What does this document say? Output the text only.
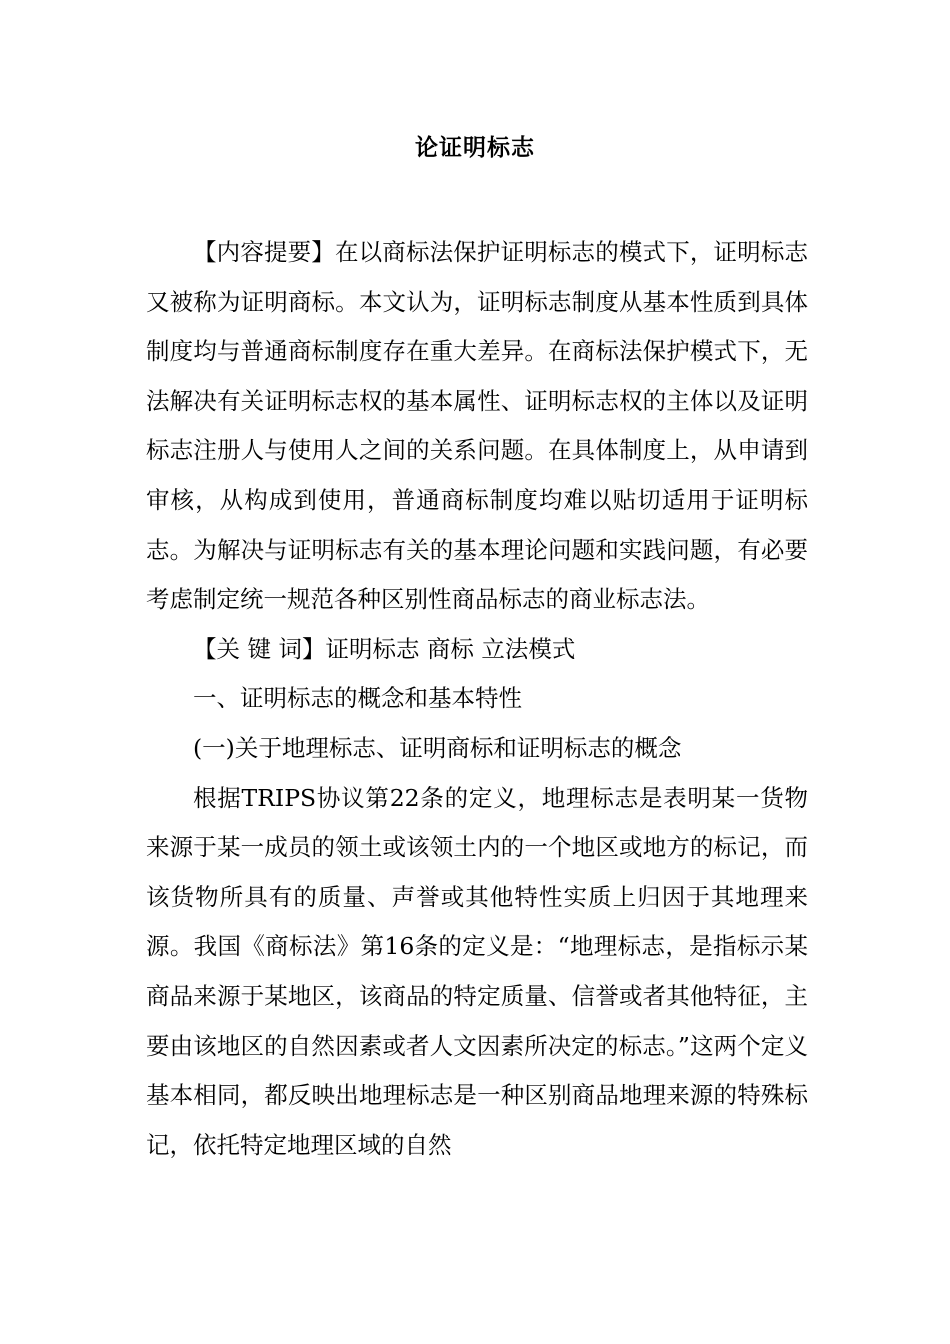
论证明标志

【内容提要】在以商标法保护证明标志的模式下，证明标志又被称为证明商标。本文认为，证明标志制度从基本性质到具体制度均与普通商标制度存在重大差异。在商标法保护模式下，无法解决有关证明标志权的基本属性、证明标志权的主体以及证明标志注册人与使用人之间的关系问题。在具体制度上，从申请到审核，从构成到使用，普通商标制度均难以贴切适用于证明标志。为解决与证明标志有关的基本理论问题和实践问题，有必要考虑制定统一规范各种区别性商品标志的商业标志法。

【关 键 词】证明标志 商标 立法模式

一、证明标志的概念和基本特性

(一)关于地理标志、证明商标和证明标志的概念

根据TRIPS协议第22条的定义，地理标志是表明某一货物来源于某一成员的领土或该领土内的一个地区或地方的标记，而该货物所具有的质量、声誉或其他特性实质上归因于其地理来源。我国《商标法》第16条的定义是：“地理标志，是指标示某商品来源于某地区，该商品的特定质量、信誉或者其他特征，主要由该地区的自然因素或者人文因素所决定的标志。”这两个定义基本相同，都反映出地理标志是一种区别商品地理来源的特殊标记，依托特定地理区域的自然
